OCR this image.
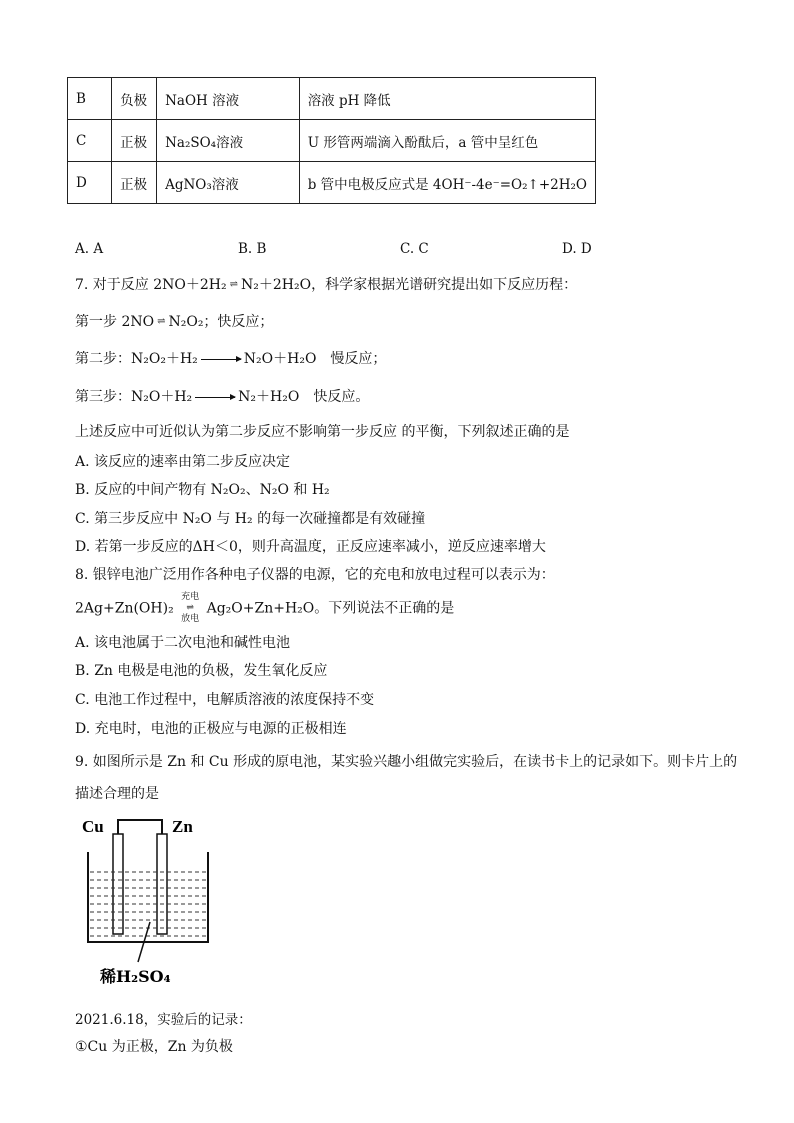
B	负极	NaOH 溶液	溶液 pH 降低
C	正极	Na₂SO₄溶液	U 形管两端滴入酚酞后，a 管中呈红色
D	正极	AgNO₃溶液	b 管中电极反应式是 4OH⁻-4e⁻=O₂↑+2H₂O
A. A	B. B	C. C	D. D
7. 对于反应 2NO＋2H₂ ⇌ N₂＋2H₂O，科学家根据光谱研究提出如下反应历程：
第一步 2NO ⇌ N₂O₂；快反应；
第二步：N₂O₂＋H₂	N₂O＋H₂O　慢反应；
第三步：N₂O＋H₂	N₂＋H₂O　快反应。
上述反应中可近似认为第二步反应不影响第一步反应 的平衡，下列叙述正确的是
A. 该反应的速率由第二步反应决定
B. 反应的中间产物有 N₂O₂、N₂O 和 H₂
C. 第三步反应中 N₂O 与 H₂ 的每一次碰撞都是有效碰撞
D. 若第一步反应的ΔH＜0，则升高温度，正反应速率减小，逆反应速率增大
8. 银锌电池广泛用作各种电子仪器的电源，它的充电和放电过程可以表示为：
2Ag+Zn(OH)₂ 充电
⇌
放电 Ag₂O+Zn+H₂O。下列说法不正确的是
A. 该电池属于二次电池和碱性电池
B. Zn 电极是电池的负极，发生氧化反应
C. 电池工作过程中，电解质溶液的浓度保持不变
D. 充电时，电池的正极应与电源的正极相连
9. 如图所示是 Zn 和 Cu 形成的原电池，某实验兴趣小组做完实验后，在读书卡上的记录如下。则卡片上的
描述合理的是
Cu	Zn
稀H₂SO₄
2021.6.18，实验后的记录：
①Cu 为正极，Zn 为负极
